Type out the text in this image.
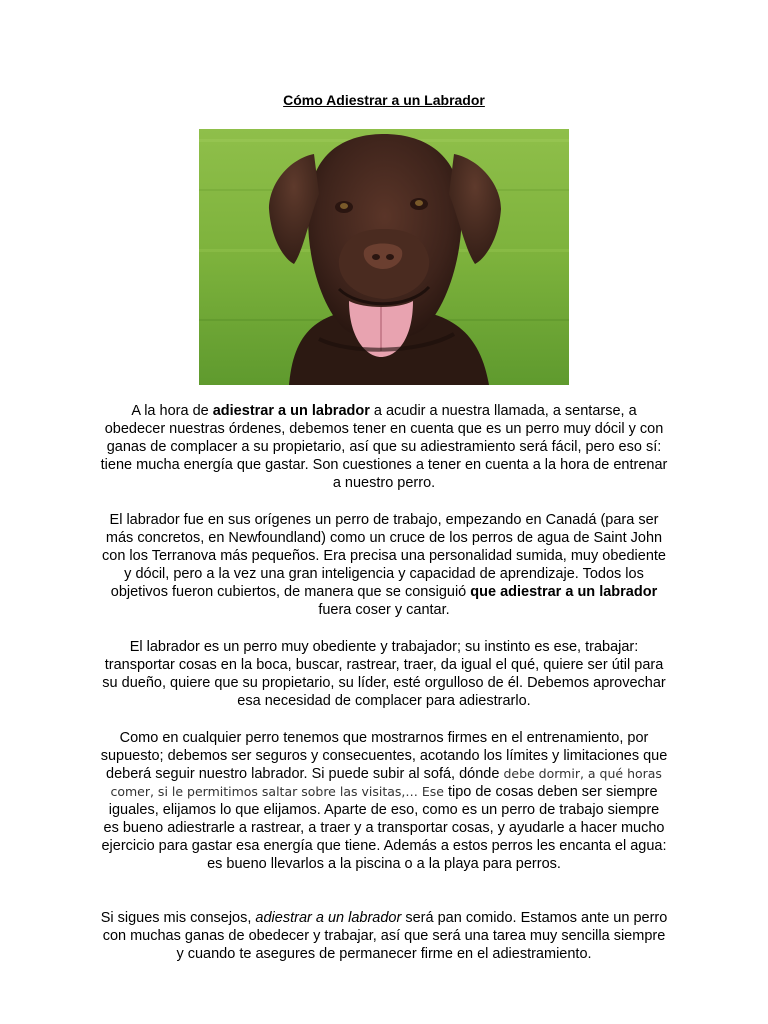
Cómo Adiestrar a un Labrador

A la hora de adiestrar a un labrador a acudir a nuestra llamada, a sentarse, a obedecer nuestras órdenes, debemos tener en cuenta que es un perro muy dócil y con ganas de complacer a su propietario, así que su adiestramiento será fácil, pero eso sí: tiene mucha energía que gastar. Son cuestiones a tener en cuenta a la hora de entrenar a nuestro perro.

El labrador fue en sus orígenes un perro de trabajo, empezando en Canadá (para ser más concretos, en Newfoundland) como un cruce de los perros de agua de Saint John con los Terranova más pequeños. Era precisa una personalidad sumida, muy obediente y dócil, pero a la vez una gran inteligencia y capacidad de aprendizaje. Todos los objetivos fueron cubiertos, de manera que se consiguió que adiestrar a un labrador fuera coser y cantar.

El labrador es un perro muy obediente y trabajador; su instinto es ese, trabajar: transportar cosas en la boca, buscar, rastrear, traer, da igual el qué, quiere ser útil para su dueño, quiere que su propietario, su líder, esté orgulloso de él. Debemos aprovechar esa necesidad de complacer para adiestrarlo.

Como en cualquier perro tenemos que mostrarnos firmes en el entrenamiento, por supuesto; debemos ser seguros y consecuentes, acotando los límites y limitaciones que deberá seguir nuestro labrador. Si puede subir al sofá, dónde debe dormir, a qué horas comer, si le permitimos saltar sobre las visitas,… Ese tipo de cosas deben ser siempre iguales, elijamos lo que elijamos. Aparte de eso, como es un perro de trabajo siempre es bueno adiestrarle a rastrear, a traer y a transportar cosas, y ayudarle a hacer mucho ejercicio para gastar esa energía que tiene. Además a estos perros les encanta el agua: es bueno llevarlos a la piscina o a la playa para perros.

Si sigues mis consejos, adiestrar a un labrador será pan comido. Estamos ante un perro con muchas ganas de obedecer y trabajar, así que será una tarea muy sencilla siempre y cuando te asegures de permanecer firme en el adiestramiento.
